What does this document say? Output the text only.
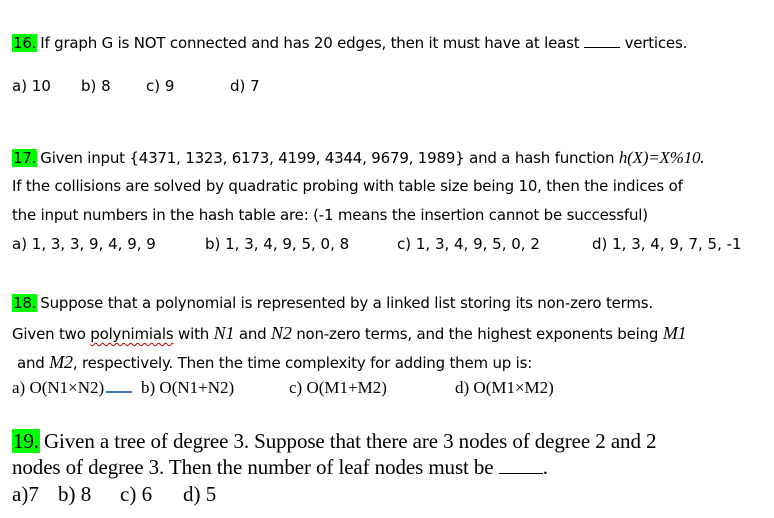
16. If graph G is NOT connected and has 20 edges, then it must have at least	vertices.
a) 10 b) 8 c) 9	d) 7
17. Given input {4371, 1323, 6173, 4199, 4344, 9679, 1989} and a hash function h(X)=X%10.
If the collisions are solved by quadratic probing with table size being 10, then the indices of
the input numbers in the hash table are: (-1 means the insertion cannot be successful)
a) 1, 3, 3, 9, 4, 9, 9	b) 1, 3, 4, 9, 5, 0, 8	c) 1, 3, 4, 9, 5, 0, 2	d) 1, 3, 4, 9, 7, 5, -1
18. Suppose that a polynomial is represented by a linked list storing its non-zero terms.
Given two polynimials with N1 and N2 non-zero terms, and the highest exponents being M1
and M2, respectively. Then the time complexity for adding them up is:
a) O(N1×N2)	b) O(N1+N2)	c) O(M1+M2)	d) O(M1×M2)
19. Given a tree of degree 3. Suppose that there are 3 nodes of degree 2 and 2
nodes of degree 3. Then the number of leaf nodes must be .
a)7 b) 8 c) 6 d) 5
